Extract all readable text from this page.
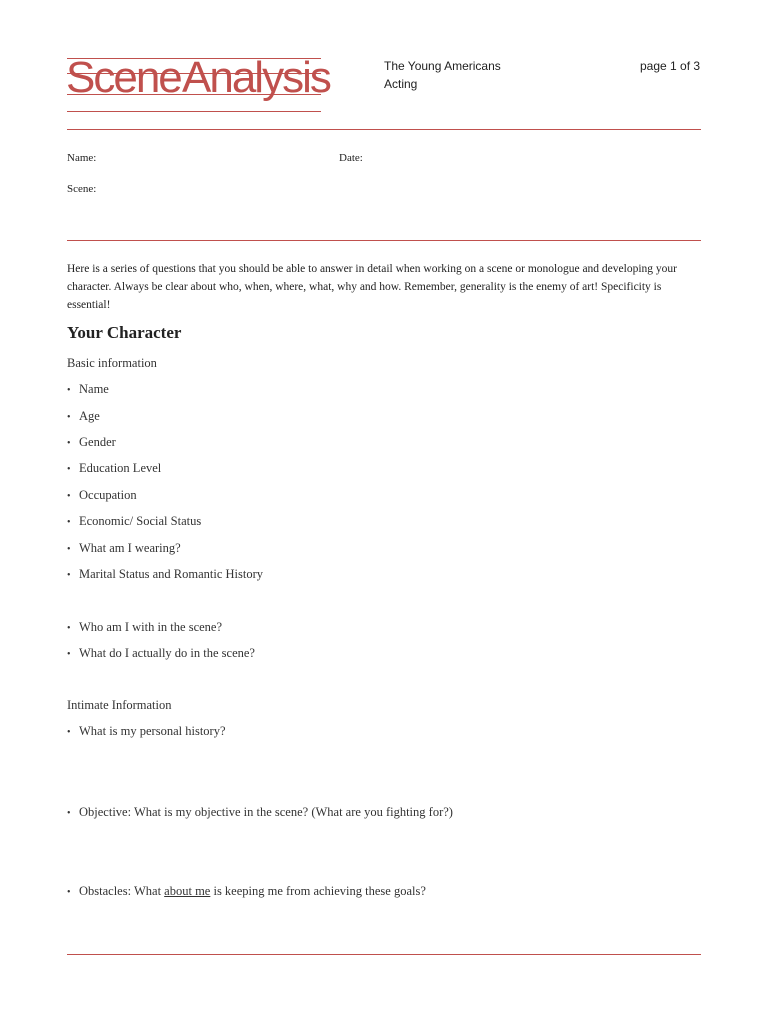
Scene Analysis	The Young Americans
Acting
page 1 of 3
Name:	Date:
Scene:
Here is a series of questions that you should be able to answer in detail when working on a scene or monologue and developing your character. Always be clear about who, when, where, what, why and how. Remember, generality is the enemy of art! Specificity is essential!
Your Character
Basic information
• Name
• Age
• Gender
• Education Level
• Occupation
• Economic/ Social Status
• What am I wearing?
• Marital Status and Romantic History
• Who am I with in the scene?
• What do I actually do in the scene?
Intimate Information
• What is my personal history?
• Objective: What is my objective in the scene? (What are you fighting for?)
• Obstacles: What about me is keeping me from achieving these goals?
